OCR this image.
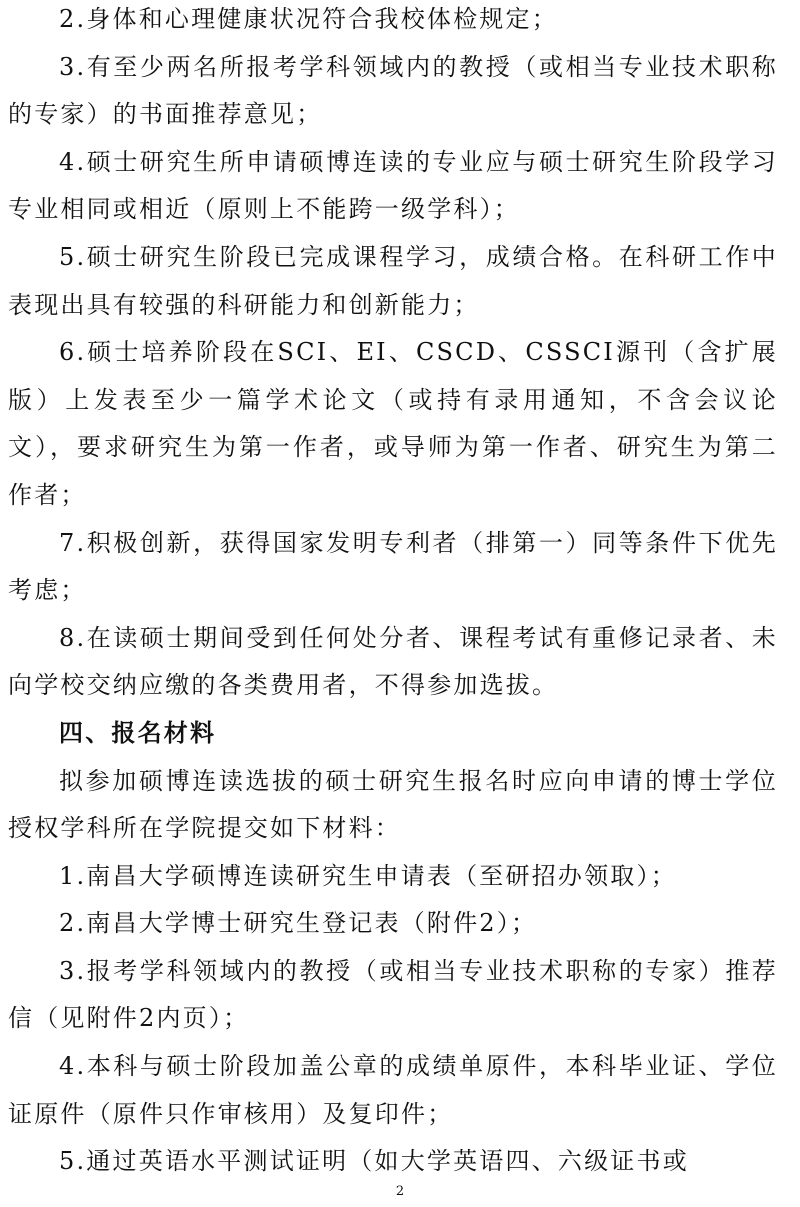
2.身体和心理健康状况符合我校体检规定；

3.有至少两名所报考学科领域内的教授（或相当专业技术职称的专家）的书面推荐意见；

4.硕士研究生所申请硕博连读的专业应与硕士研究生阶段学习专业相同或相近（原则上不能跨一级学科）；

5.硕士研究生阶段已完成课程学习，成绩合格。在科研工作中表现出具有较强的科研能力和创新能力；

6.硕士培养阶段在SCI、EI、CSCD、CSSCI源刊（含扩展版）上发表至少一篇学术论文（或持有录用通知，不含会议论文），要求研究生为第一作者，或导师为第一作者、研究生为第二作者；

7.积极创新，获得国家发明专利者（排第一）同等条件下优先考虑；

8.在读硕士期间受到任何处分者、课程考试有重修记录者、未向学校交纳应缴的各类费用者，不得参加选拔。

四、报名材料

拟参加硕博连读选拔的硕士研究生报名时应向申请的博士学位授权学科所在学院提交如下材料：

1.南昌大学硕博连读研究生申请表（至研招办领取）；

2.南昌大学博士研究生登记表（附件2）；

3.报考学科领域内的教授（或相当专业技术职称的专家）推荐信（见附件2内页）；

4.本科与硕士阶段加盖公章的成绩单原件，本科毕业证、学位证原件（原件只作审核用）及复印件；

5.通过英语水平测试证明（如大学英语四、六级证书或

2
